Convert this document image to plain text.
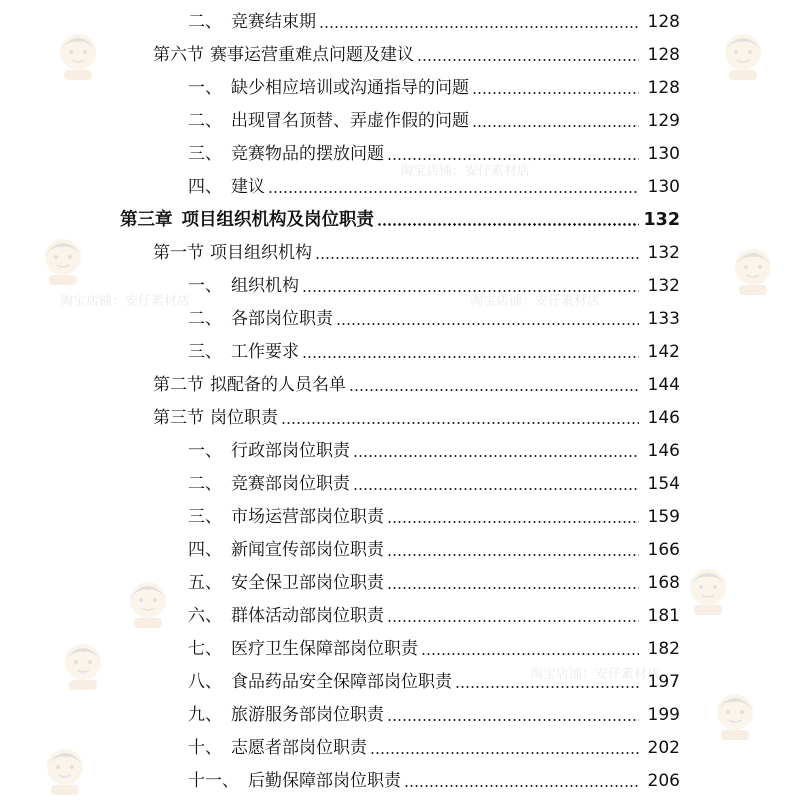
二、 竞赛结束期	128
第六节 赛事运营重难点问题及建议	128
一、 缺少相应培训或沟通指导的问题	128
二、 出现冒名顶替、弄虚作假的问题	129
三、 竞赛物品的摆放问题	130
四、 建议	130
第三章 项目组织机构及岗位职责	132
第一节 项目组织机构	132
一、 组织机构	132
二、 各部岗位职责	133
三、 工作要求	142
第二节 拟配备的人员名单	144
第三节 岗位职责	146
一、 行政部岗位职责	146
二、 竞赛部岗位职责	154
三、 市场运营部岗位职责	159
四、 新闻宣传部岗位职责	166
五、 安全保卫部岗位职责	168
六、 群体活动部岗位职责	181
七、 医疗卫生保障部岗位职责	182
八、 食品药品安全保障部岗位职责	197
九、 旅游服务部岗位职责	199
十、 志愿者部岗位职责	202
十一、 后勤保障部岗位职责	206
淘宝店铺：安仔素材店	淘宝店铺：安仔素材店
淘宝店铺：安仔素材店
淘宝店铺：安仔素材店
